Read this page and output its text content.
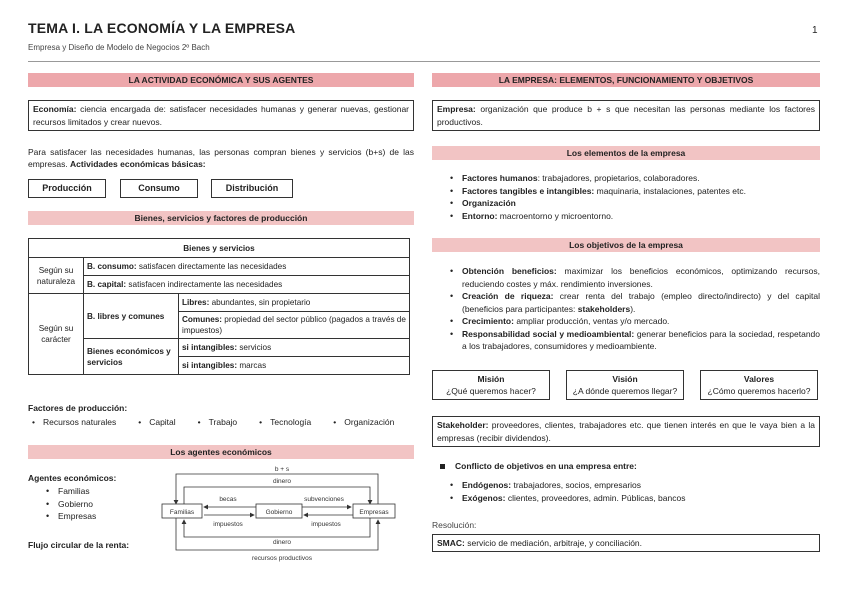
TEMA I. LA ECONOMÍA Y LA EMPRESA
Empresa y Diseño de Modelo de Negocios 2º Bach
1
LA ACTIVIDAD ECONÓMICA Y SUS AGENTES
Economía: ciencia encargada de: satisfacer necesidades humanas y generar nuevas, gestionar recursos limitados y crear nuevos.
Para satisfacer las necesidades humanas, las personas compran bienes y servicios (b+s) de las empresas. Actividades económicas básicas:
Producción	Consumo	Distribución
Bienes, servicios y factores de producción
Bienes y servicios		
Según su naturaleza	B. consumo: satisfacen directamente las necesidades	
	B. capital: satisfacen indirectamente las necesidades	
Según su carácter	B. libres y comunes	Libres: abundantes, sin propietario
		Comunes: propiedad del sector público (pagados a través de impuestos)
	Bienes económicos y servicios	si intangibles: servicios
		si intangibles: marcas
Factores de producción:
• Recursos naturales	• Capital	• Trabajo	• Tecnología	• Organización
Los agentes económicos
Agentes económicos:
• Familias
• Gobierno
• Empresas
Flujo circular de la renta:
b + s
dinero
Familias	Gobierno	Empresas
becas	subvenciones
impuestos	impuestos
dinero
recursos productivos
LA EMPRESA: ELEMENTOS, FUNCIONAMIENTO Y OBJETIVOS
Empresa: organización que produce b + s que necesitan las personas mediante los factores productivos.
Los elementos de la empresa
• Factores humanos: trabajadores, propietarios, colaboradores.
• Factores tangibles e intangibles: maquinaria, instalaciones, patentes etc.
• Organización
• Entorno: macroentorno y microentorno.
Los objetivos de la empresa
• Obtención beneficios: maximizar los beneficios económicos, optimizando recursos, reduciendo costes y máx. rendimiento inversiones.
• Creación de riqueza: crear renta del trabajo (empleo directo/indirecto) y del capital (beneficios para participantes: stakeholders).
• Crecimiento: ampliar producción, ventas y/o mercado.
• Responsabilidad social y medioambiental: generar beneficios para la sociedad, respetando a los trabajadores, consumidores y medioambiente.
Misión
¿Qué queremos hacer?
Visión
¿A dónde queremos llegar?
Valores
¿Cómo queremos hacerlo?
Stakeholder: proveedores, clientes, trabajadores etc. que tienen interés en que le vaya bien a la empresas (recibir dividendos).
Conflicto de objetivos en una empresa entre:
• Endógenos: trabajadores, socios, empresarios
• Exógenos: clientes, proveedores, admin. Públicas, bancos
Resolución:
SMAC: servicio de mediación, arbitraje, y conciliación.
